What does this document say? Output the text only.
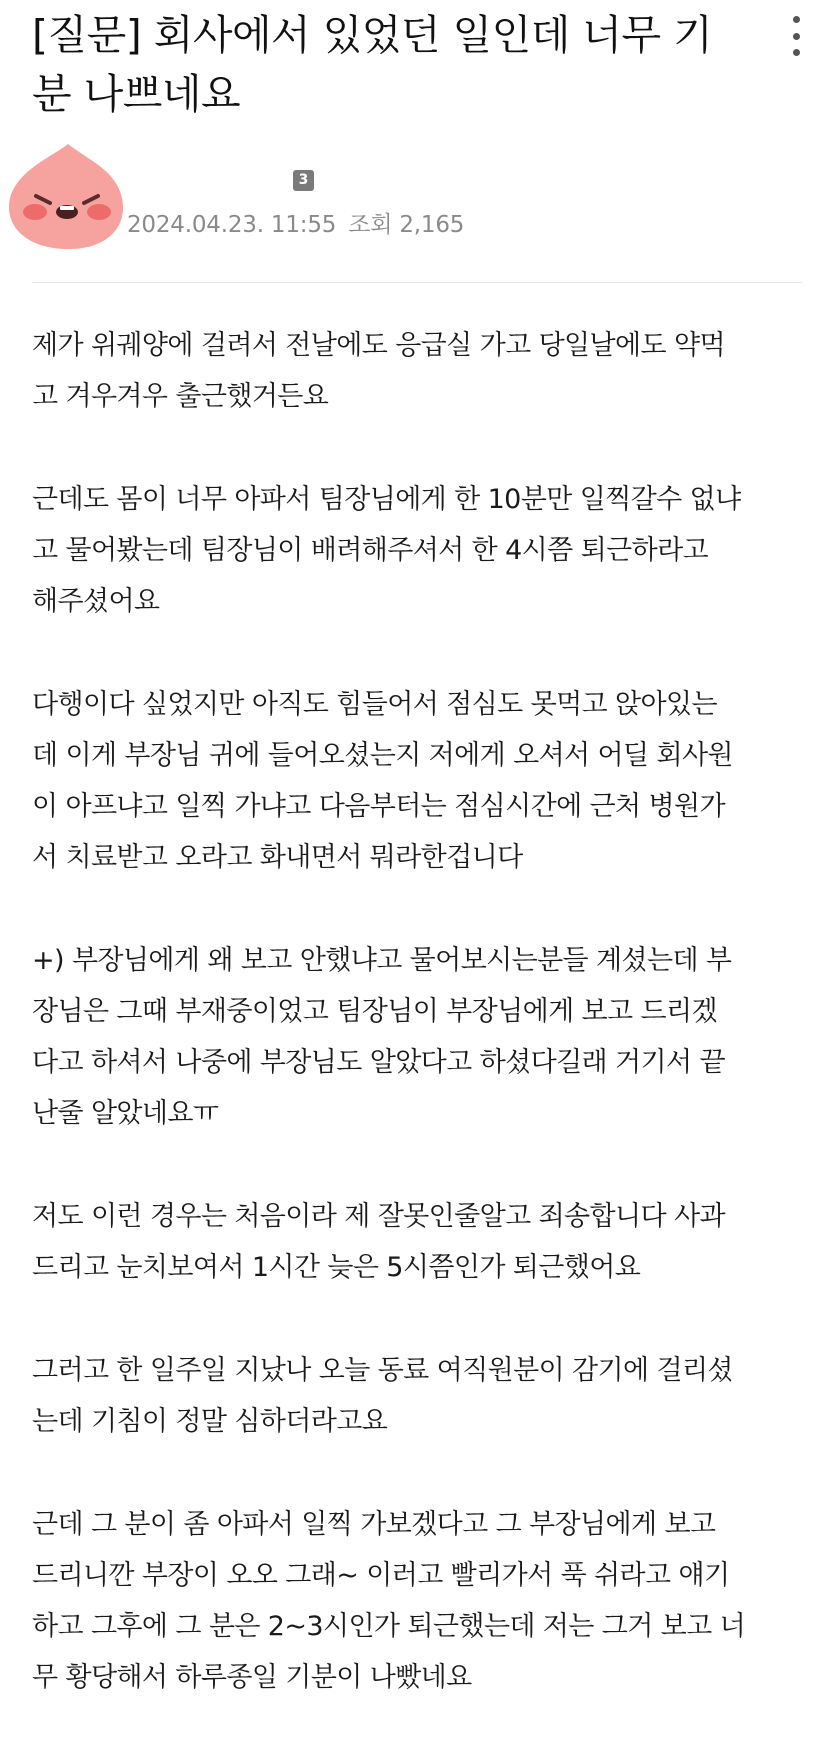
[질문] 회사에서 있었던 일인데 너무 기
분 나쁘네요
3
2024.04.23. 11:55 조회 2,165

제가 위궤양에 걸려서 전날에도 응급실 가고 당일날에도 약먹
고 겨우겨우 출근했거든요

근데도 몸이 너무 아파서 팀장님에게 한 10분만 일찍갈수 없냐
고 물어봤는데 팀장님이 배려해주셔서 한 4시쯤 퇴근하라고
해주셨어요

다행이다 싶었지만 아직도 힘들어서 점심도 못먹고 앉아있는
데 이게 부장님 귀에 들어오셨는지 저에게 오셔서 어딜 회사원
이 아프냐고 일찍 가냐고 다음부터는 점심시간에 근처 병원가
서 치료받고 오라고 화내면서 뭐라한겁니다

+) 부장님에게 왜 보고 안했냐고 물어보시는분들 계셨는데 부
장님은 그때 부재중이었고 팀장님이 부장님에게 보고 드리겠
다고 하셔서 나중에 부장님도 알았다고 하셨다길래 거기서 끝
난줄 알았네요ㅠ

저도 이런 경우는 처음이라 제 잘못인줄알고 죄송합니다 사과
드리고 눈치보여서 1시간 늦은 5시쯤인가 퇴근했어요

그러고 한 일주일 지났나 오늘 동료 여직원분이 감기에 걸리셨
는데 기침이 정말 심하더라고요

근데 그 분이 좀 아파서 일찍 가보겠다고 그 부장님에게 보고
드리니깐 부장이 오오 그래~ 이러고 빨리가서 푹 쉬라고 얘기
하고 그후에 그 분은 2~3시인가 퇴근했는데 저는 그거 보고 너
무 황당해서 하루종일 기분이 나빴네요
